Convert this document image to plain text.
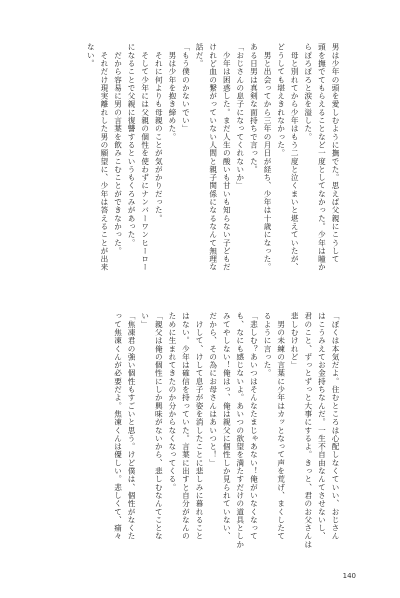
男は少年の頭を愛しむように撫でた。思えば父親にこうして
頭を撫でてもらえることなど一度としてなかった。少年は瞳か
らぽろぽろと涙を溢した。
　母と別れてから少年はもう二度と泣くまいと堪えていたが、
どうしても堪えきれなかった。
　男と出会ってから三年の月日が経ち、少年は十歳になった。
ある日男は真剣な面持ちで言った。
「おじさんの息子になってくれないか」
　少年は困惑した。まだ人生の酸いも甘いも知らない子どもだ
けれど血の繋がっていない人間と親子関係になるなんて無理な
話だ。
「もう僕のかないでい」
　男は少年を抱き締めた。
　それに何よりも母親のことが気がかりだった。
　そして少年には父親の個性を使わずにナンバーワンヒーロー
になることで父親に復讐するというもくろみがあった。
　だから容易に男の言葉を飲みこむことができなかった。
　それだけ現実離れした男の願望に、少年は答えることが出来
ない。
「ぼくは本気だよ。住むところは心配しなくていい、おじさん
はこうみえてお金持ちなんだ。一生不自由なんてさせないし、
君のこと、ずっとずっと大事にするよ。きっと、君のお父さんは
悲しむけれど」
　男の未練の言葉に少年はカッとなって声を荒げ、まくしたて
るように言った。
「悲しむ？あいつはそんなたまじゃあない！俺がいなくなって
も、なにも感じないよ。あいつの欲望を満たすだけの道具としか
みてやしない！俺はっ、俺は親父に個性しか見られていない、
だから、その為にお母さんはあいつと！」
　けして、けして息子が姿を消したことに悲しみに暮れること
はない。少年は確信を持っていた。言葉に出すと自分がなんの
ために生まれてきたのか分からなくなってくる。
「親父は俺の個性にしか興味がないから、悲しむなんてことな
い」
「焦凍君の強い個性もすごいと思う。けど僕は、個性がなくた
って焦凍くんが必要だよ。焦凍くんは優しい。悲しくて、痛々
140
